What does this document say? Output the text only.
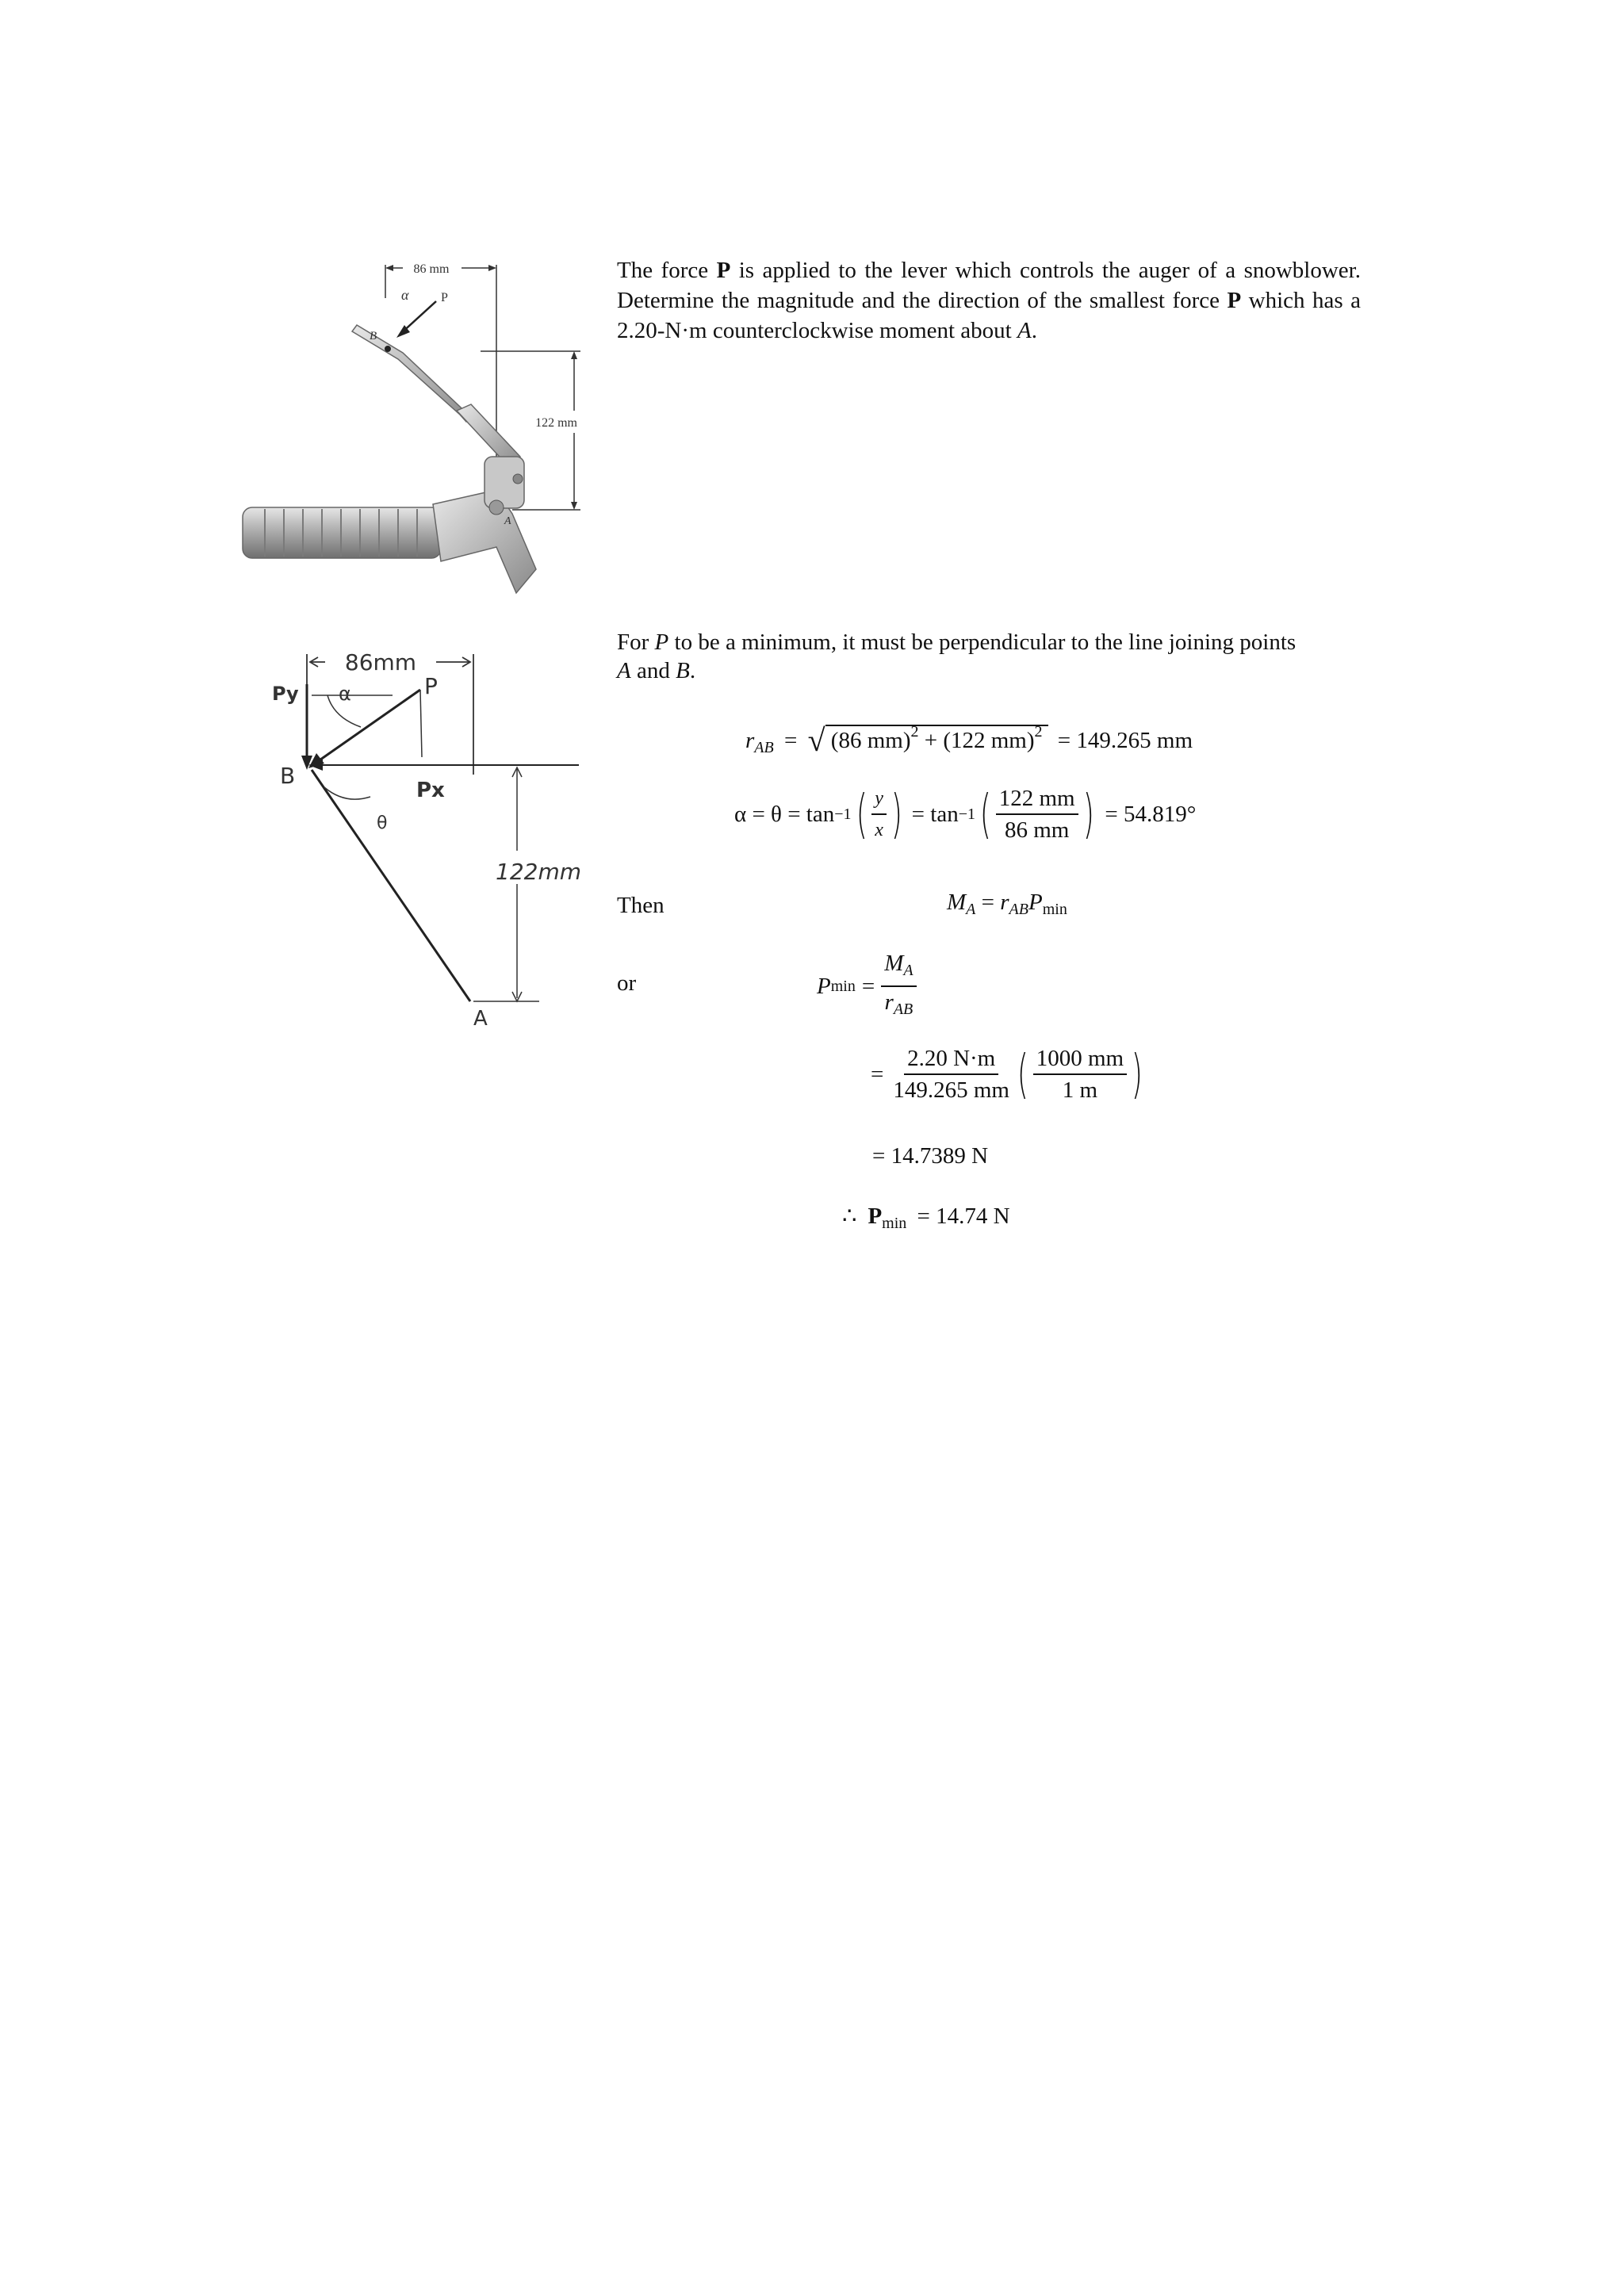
86 mm
122 mm
α	P
B
A
The force P is applied to the lever which controls the auger of a snowblower. Determine the magnitude and the direction of the smallest force P which has a 2.20-N·m counterclockwise moment about A.
86mm
Py
B
P
α
Px
θ
122mm
A
For P to be a minimum, it must be perpendicular to the line joining points
A and B.
$r_{AB}$ = √ (86 mm)$^2$ + (122 mm)$^2$ = 149.265 mm
α = θ = tan −1 ( $\frac{y}{x}$ ) = tan −1 ( $\frac{122 mm}{86 mm}$ ) = 54.819°
Then	$M_A = r_{AB}P_{min}$
or	P $\min = \frac{M_A}{r_{AB}}$
= $\frac{2.20 N\cdot m}{149.265 mm}$ ( $\frac{1000 mm}{1 m}$ )
= 14.7389 N
∴ $P_{min} = 14.74$ N
